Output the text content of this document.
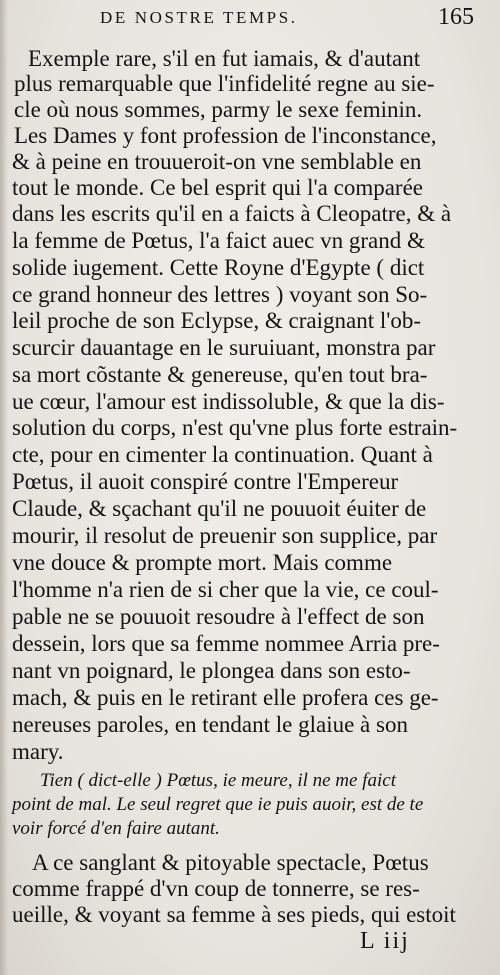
DE NOSTRE TEMPS.	165
Exemple rare, s'il en fut iamais, & d'autant
plus remarquable que l'infidelité regne au sie-
cle où nous sommes, parmy le sexe feminin.
Les Dames y font profession de l'inconstance,
& à peine en trouueroit-on vne semblable en
tout le monde. Ce bel esprit qui l'a comparée
dans les escrits qu'il en a faicts à Cleopatre, & à
la femme de Pœtus, l'a faict auec vn grand &
solide iugement. Cette Royne d'Egypte ( dict
ce grand honneur des lettres ) voyant son So-
leil proche de son Eclypse, & craignant l'ob-
scurcir dauantage en le suruiuant, monstra par
sa mort cõstante & genereuse, qu'en tout bra-
ue cœur, l'amour est indissoluble, & que la dis-
solution du corps, n'est qu'vne plus forte estrain-
cte, pour en cimenter la continuation. Quant à
Pœtus, il auoit conspiré contre l'Empereur
Claude, & sçachant qu'il ne pouuoit éuiter de
mourir, il resolut de preuenir son supplice, par
vne douce & prompte mort. Mais comme
l'homme n'a rien de si cher que la vie, ce coul-
pable ne se pouuoit resoudre à l'effect de son
dessein, lors que sa femme nommee Arria pre-
nant vn poignard, le plongea dans son esto-
mach, & puis en le retirant elle profera ces ge-
nereuses paroles, en tendant le glaiue à son
mary.
Tien ( dict-elle ) Pœtus, ie meure, il ne me faict
point de mal. Le seul regret que ie puis auoir, est de te
voir forcé d'en faire autant.
A ce sanglant & pitoyable spectacle, Pœtus
comme frappé d'vn coup de tonnerre, se res-
ueille, & voyant sa femme à ses pieds, qui estoit
L iij
